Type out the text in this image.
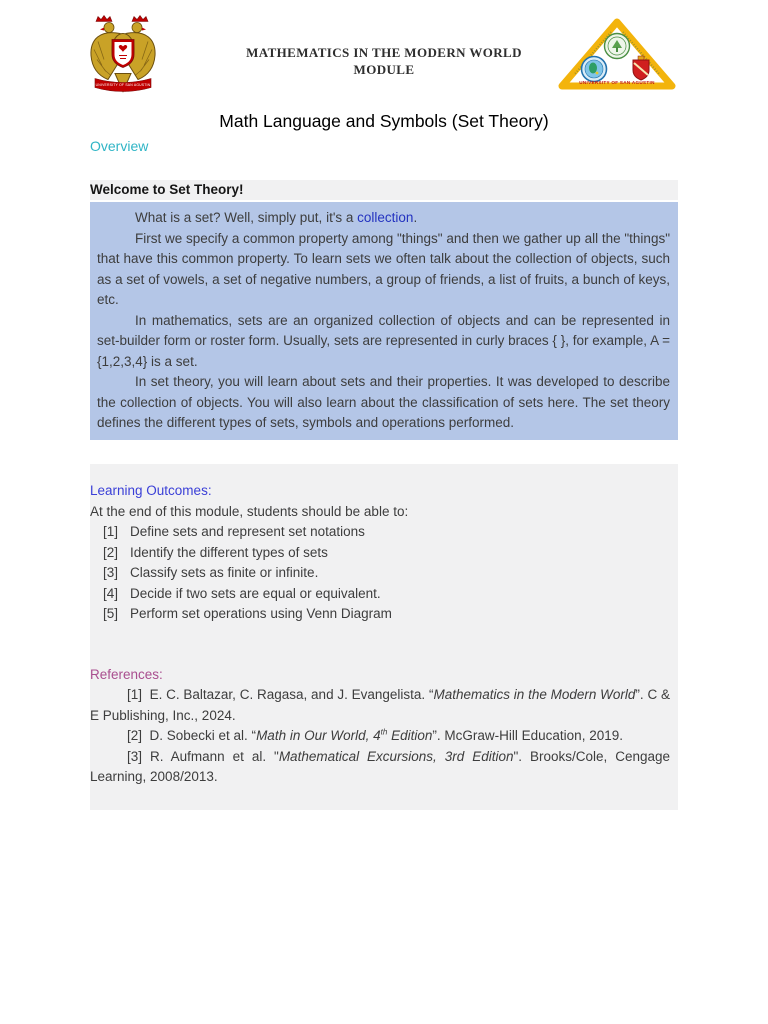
UNIVERSITY OF SAN AGUSTIN
MATHEMATICS IN THE MODERN WORLD
MODULE
UNIVERSITY OF SAN AGUSTIN
Math Language and Symbols (Set Theory)
Overview
Welcome to Set Theory!

What is a set? Well, simply put, it's a collection.

First we specify a common property among "things" and then we gather up all the "things" that have this common property. To learn sets we often talk about the collection of objects, such as a set of vowels, a set of negative numbers, a group of friends, a list of fruits, a bunch of keys, etc.

In mathematics, sets are an organized collection of objects and can be represented in set-builder form or roster form. Usually, sets are represented in curly braces { }, for example, A = {1,2,3,4} is a set.

In set theory, you will learn about sets and their properties. It was developed to describe the collection of objects. You will also learn about the classification of sets here. The set theory defines the different types of sets, symbols and operations performed.

Learning Outcomes:
At the end of this module, students should be able to:
[1] Define sets and represent set notations
[2] Identify the different types of sets
[3] Classify sets as finite or infinite.
[4] Decide if two sets are equal or equivalent.
[5] Perform set operations using Venn Diagram
References:

[1]  E. C. Baltazar, C. Ragasa, and J. Evangelista. “Mathematics in the Modern World”. C & E Publishing, Inc., 2024.

[2]  D. Sobecki et al. “Math in Our World, 4th Edition”. McGraw-Hill Education, 2019.

[3] R. Aufmann et al. "Mathematical Excursions, 3rd Edition". Brooks/Cole, Cengage Learning, 2008/2013.
